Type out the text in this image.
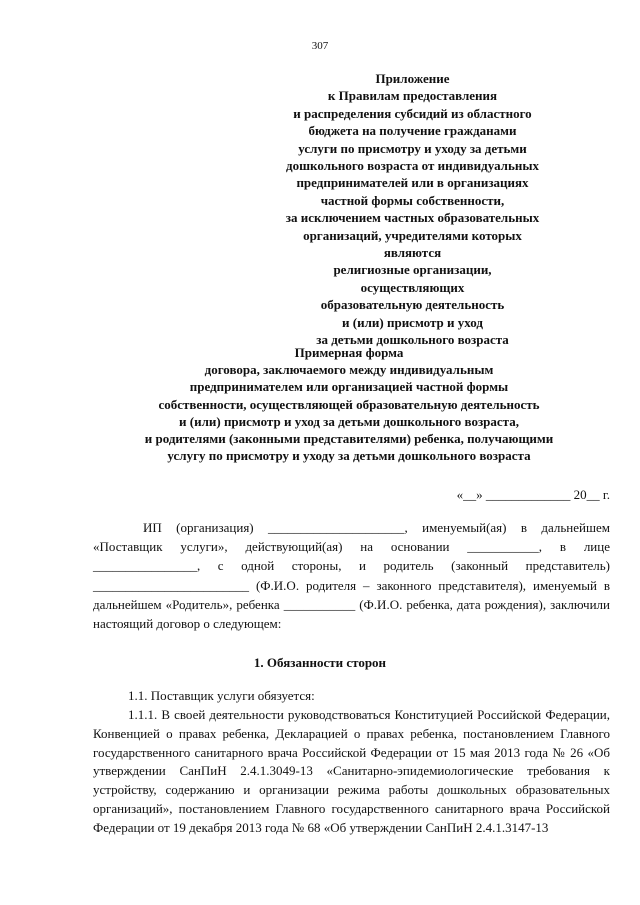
307
Приложение
к Правилам предоставления
и распределения субсидий из областного
бюджета на получение гражданами
услуги по присмотру и уходу за детьми
дошкольного возраста от индивидуальных
предпринимателей или в организациях
частной формы собственности,
за исключением частных образовательных
организаций, учредителями которых являются
религиозные организации, осуществляющих
образовательную деятельность
и (или) присмотр и уход
за детьми дошкольного возраста
Примерная форма
договора, заключаемого между индивидуальным
предпринимателем или организацией частной формы
собственности, осуществляющей образовательную деятельность
и (или) присмотр и уход за детьми дошкольного возраста,
и родителями (законными представителями) ребенка, получающими
услугу по присмотру и уходу за детьми дошкольного возраста
«__» _____________ 20__ г.

ИП (организация) _____________________, именуемый(ая) в дальнейшем «Поставщик услуги», действующий(ая) на основании ___________, в лице ________________, с одной стороны, и родитель (законный представитель) ________________________ (Ф.И.О. родителя – законного представителя), именуемый в дальнейшем «Родитель», ребенка ___________ (Ф.И.О. ребенка, дата рождения), заключили настоящий договор о следующем:

1. Обязанности сторон
1.1. Поставщик услуги обязуется:

1.1.1. В своей деятельности руководствоваться Конституцией Российской Федерации, Конвенцией о правах ребенка, Декларацией о правах ребенка, постановлением Главного государственного санитарного врача Российской Федерации от 15 мая 2013 года № 26 «Об утверждении СанПиН 2.4.1.3049-13 «Санитарно-эпидемиологические требования к устройству, содержанию и организации режима работы дошкольных образовательных организаций», постановлением Главного государственного санитарного врача Российской Федерации от 19 декабря 2013 года № 68 «Об утверждении СанПиН 2.4.1.3147-13
